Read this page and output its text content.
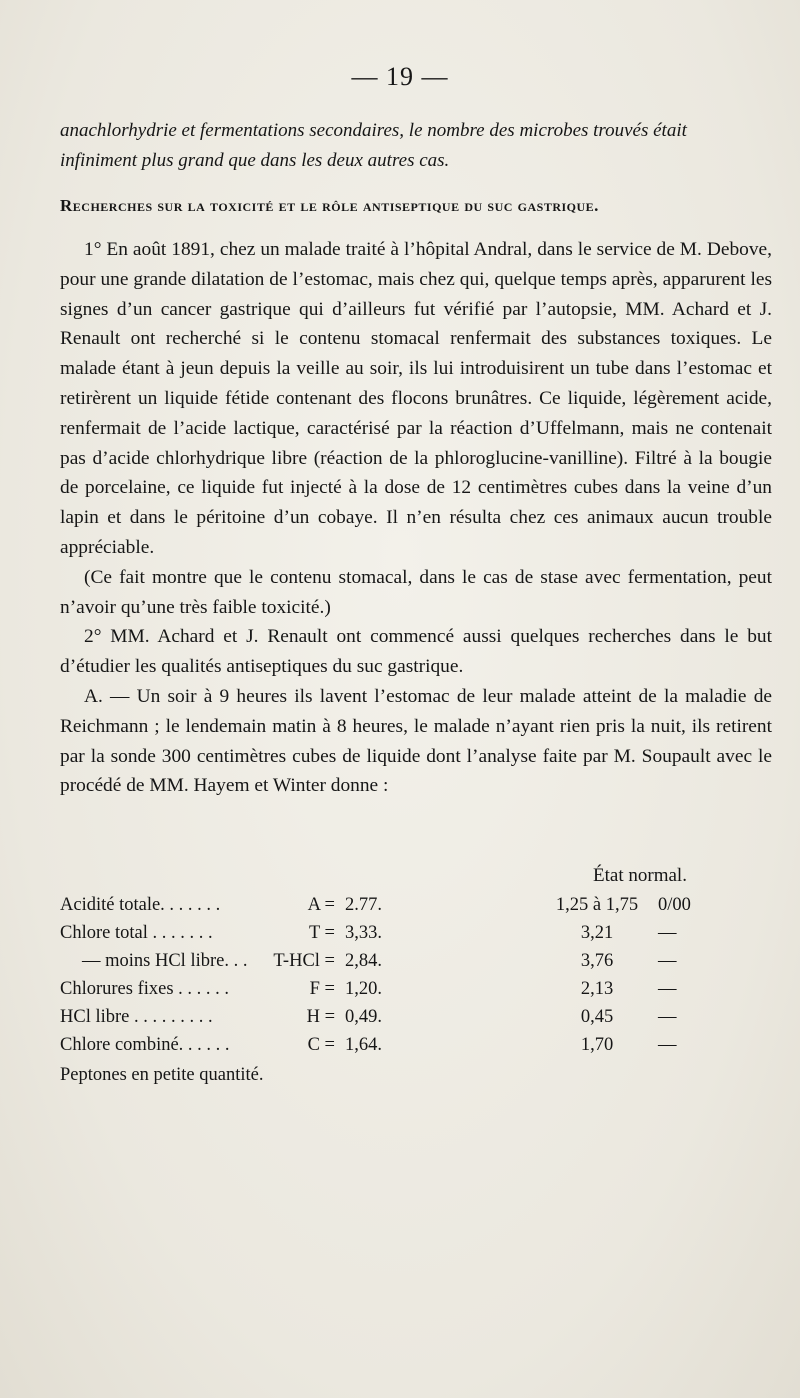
— 19 —

anachlorhydrie et fermentations secondaires, le nombre des microbes trouvés était infiniment plus grand que dans les deux autres cas.

Recherches sur la toxicité et le rôle antiseptique du suc gastrique.

1° En août 1891, chez un malade traité à l’hôpital Andral, dans le service de M. Debove, pour une grande dilatation de l’estomac, mais chez qui, quelque temps après, apparurent les signes d’un cancer gastrique qui d’ailleurs fut vérifié par l’autopsie, MM. Achard et J. Renault ont recherché si le contenu stomacal renfermait des substances toxiques. Le malade étant à jeun depuis la veille au soir, ils lui introduisirent un tube dans l’estomac et retirèrent un liquide fétide contenant des flocons brunâtres. Ce liquide, légèrement acide, renfermait de l’acide lactique, caractérisé par la réaction d’Uffelmann, mais ne contenait pas d’acide chlorhydrique libre (réaction de la phloroglucine-vanilline). Filtré à la bougie de porcelaine, ce liquide fut injecté à la dose de 12 centimètres cubes dans la veine d’un lapin et dans le péritoine d’un cobaye. Il n’en résulta chez ces animaux aucun trouble appréciable.

(Ce fait montre que le contenu stomacal, dans le cas de stase avec fermentation, peut n’avoir qu’une très faible toxicité.)

2° MM. Achard et J. Renault ont commencé aussi quelques recherches dans le but d’étudier les qualités antiseptiques du suc gastrique.

A. — Un soir à 9 heures ils lavent l’estomac de leur malade atteint de la maladie de Reichmann ; le lendemain matin à 8 heures, le malade n’ayant rien pris la nuit, ils retirent par la sonde 300 centimètres cubes de liquide dont l’analyse faite par M. Soupault avec le procédé de MM. Hayem et Winter donne :

État normal.
Acidité totale. . . . . . .	A = 2.77.	1,25 à 1,75	0/00
Chlore total . . . . . . .	T = 3,33.	3,21	—
— moins HCl libre. . . T-HCl = 2,84.	3,76	—
Chlorures fixes . . . . . .	F = 1,20.	2,13	—
HCl libre . . . . . . . . .	H = 0,49.	0,45	—
Chlore combiné. . . . . .	C = 1,64.	1,70	—
Peptones en petite quantité.
